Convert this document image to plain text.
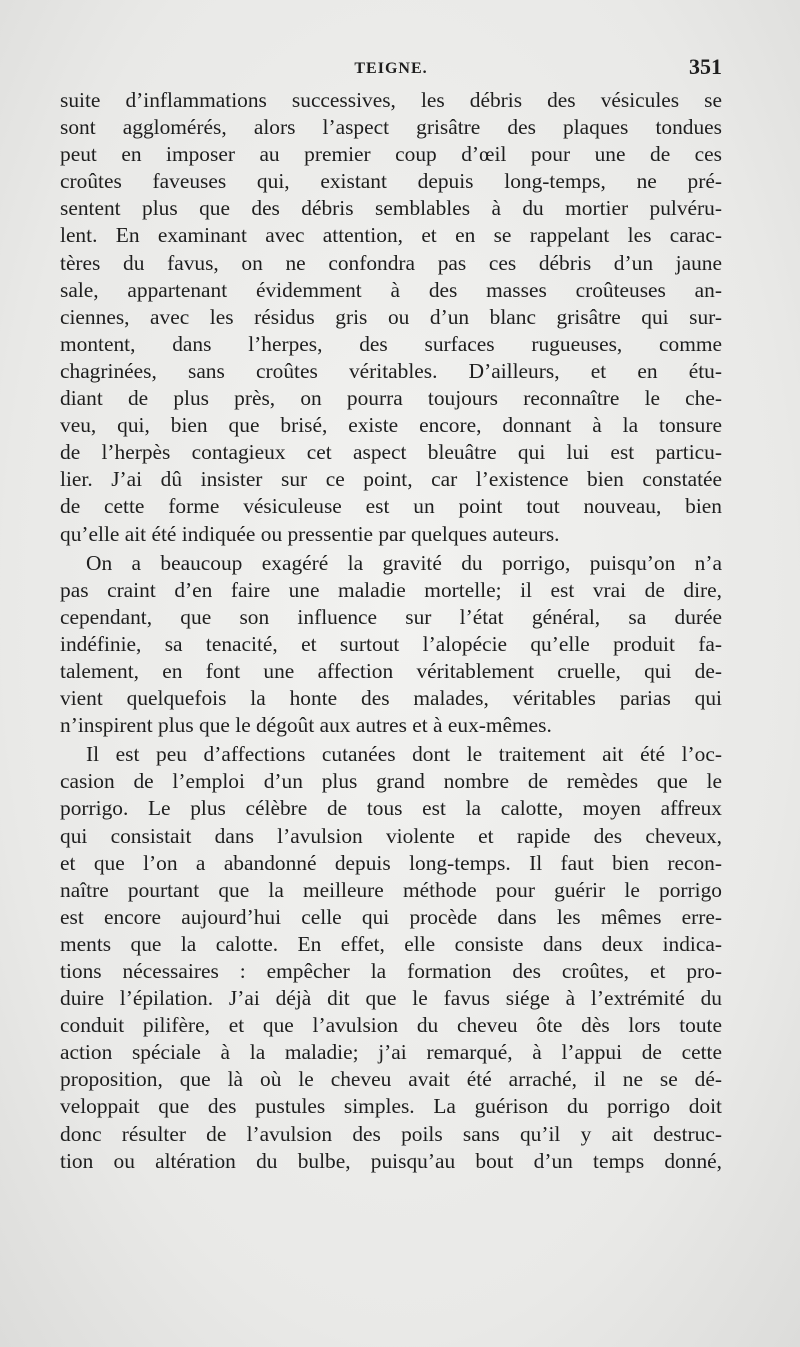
TEIGNE.	351
suite d’inflammations successives, les débris des vésicules se
sont agglomérés, alors l’aspect grisâtre des plaques tondues
peut en imposer au premier coup d’œil pour une de ces
croûtes faveuses qui, existant depuis long-temps, ne pré-
sentent plus que des débris semblables à du mortier pulvéru-
lent. En examinant avec attention, et en se rappelant les carac-
tères du favus, on ne confondra pas ces débris d’un jaune
sale, appartenant évidemment à des masses croûteuses an-
ciennes, avec les résidus gris ou d’un blanc grisâtre qui sur-
montent, dans l’herpes, des surfaces rugueuses, comme
chagrinées, sans croûtes véritables. D’ailleurs, et en étu-
diant de plus près, on pourra toujours reconnaître le che-
veu, qui, bien que brisé, existe encore, donnant à la tonsure
de l’herpès contagieux cet aspect bleuâtre qui lui est particu-
lier. J’ai dû insister sur ce point, car l’existence bien constatée
de cette forme vésiculeuse est un point tout nouveau, bien
qu’elle ait été indiquée ou pressentie par quelques auteurs.
On a beaucoup exagéré la gravité du porrigo, puisqu’on n’a
pas craint d’en faire une maladie mortelle; il est vrai de dire,
cependant, que son influence sur l’état général, sa durée
indéfinie, sa tenacité, et surtout l’alopécie qu’elle produit fa-
talement, en font une affection véritablement cruelle, qui de-
vient quelquefois la honte des malades, véritables parias qui
n’inspirent plus que le dégoût aux autres et à eux-mêmes.
Il est peu d’affections cutanées dont le traitement ait été l’oc-
casion de l’emploi d’un plus grand nombre de remèdes que le
porrigo. Le plus célèbre de tous est la calotte, moyen affreux
qui consistait dans l’avulsion violente et rapide des cheveux,
et que l’on a abandonné depuis long-temps. Il faut bien recon-
naître pourtant que la meilleure méthode pour guérir le porrigo
est encore aujourd’hui celle qui procède dans les mêmes erre-
ments que la calotte. En effet, elle consiste dans deux indica-
tions nécessaires : empêcher la formation des croûtes, et pro-
duire l’épilation. J’ai déjà dit que le favus siége à l’extrémité du
conduit pilifère, et que l’avulsion du cheveu ôte dès lors toute
action spéciale à la maladie; j’ai remarqué, à l’appui de cette
proposition, que là où le cheveu avait été arraché, il ne se dé-
veloppait que des pustules simples. La guérison du porrigo doit
donc résulter de l’avulsion des poils sans qu’il y ait destruc-
tion ou altération du bulbe, puisqu’au bout d’un temps donné,
